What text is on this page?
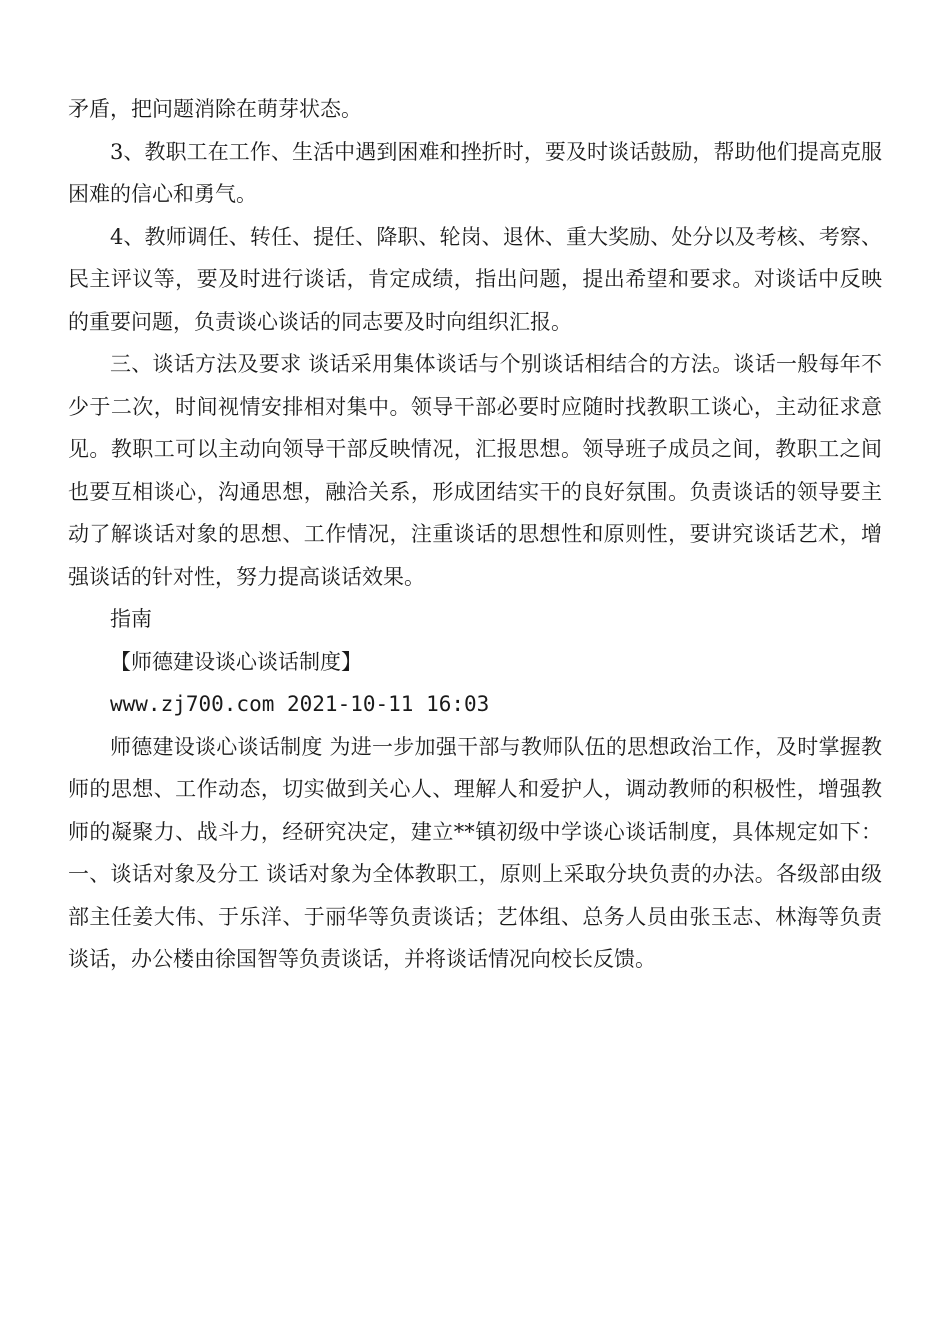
矛盾，把问题消除在萌芽状态。

3、教职工在工作、生活中遇到困难和挫折时，要及时谈话鼓励，帮助他们提高克服困难的信心和勇气。

4、教师调任、转任、提任、降职、轮岗、退休、重大奖励、处分以及考核、考察、民主评议等，要及时进行谈话，肯定成绩，指出问题，提出希望和要求。对谈话中反映的重要问题，负责谈心谈话的同志要及时向组织汇报。

三、谈话方法及要求 谈话采用集体谈话与个别谈话相结合的方法。谈话一般每年不少于二次，时间视情安排相对集中。领导干部必要时应随时找教职工谈心，主动征求意见。教职工可以主动向领导干部反映情况，汇报思想。领导班子成员之间，教职工之间也要互相谈心，沟通思想，融洽关系，形成团结实干的良好氛围。负责谈话的领导要主动了解谈话对象的思想、工作情况，注重谈话的思想性和原则性，要讲究谈话艺术，增强谈话的针对性，努力提高谈话效果。

指南

【师德建设谈心谈话制度】

www.zj700.com 2021-10-11 16:03

师德建设谈心谈话制度 为进一步加强干部与教师队伍的思想政治工作，及时掌握教师的思想、工作动态，切实做到关心人、理解人和爱护人，调动教师的积极性，增强教师的凝聚力、战斗力，经研究决定，建立**镇初级中学谈心谈话制度，具体规定如下： 一、谈话对象及分工 谈话对象为全体教职工，原则上采取分块负责的办法。各级部由级部主任姜大伟、于乐洋、于丽华等负责谈话；艺体组、总务人员由张玉志、林海等负责谈话，办公楼由徐国智等负责谈话，并将谈话情况向校长反馈。
